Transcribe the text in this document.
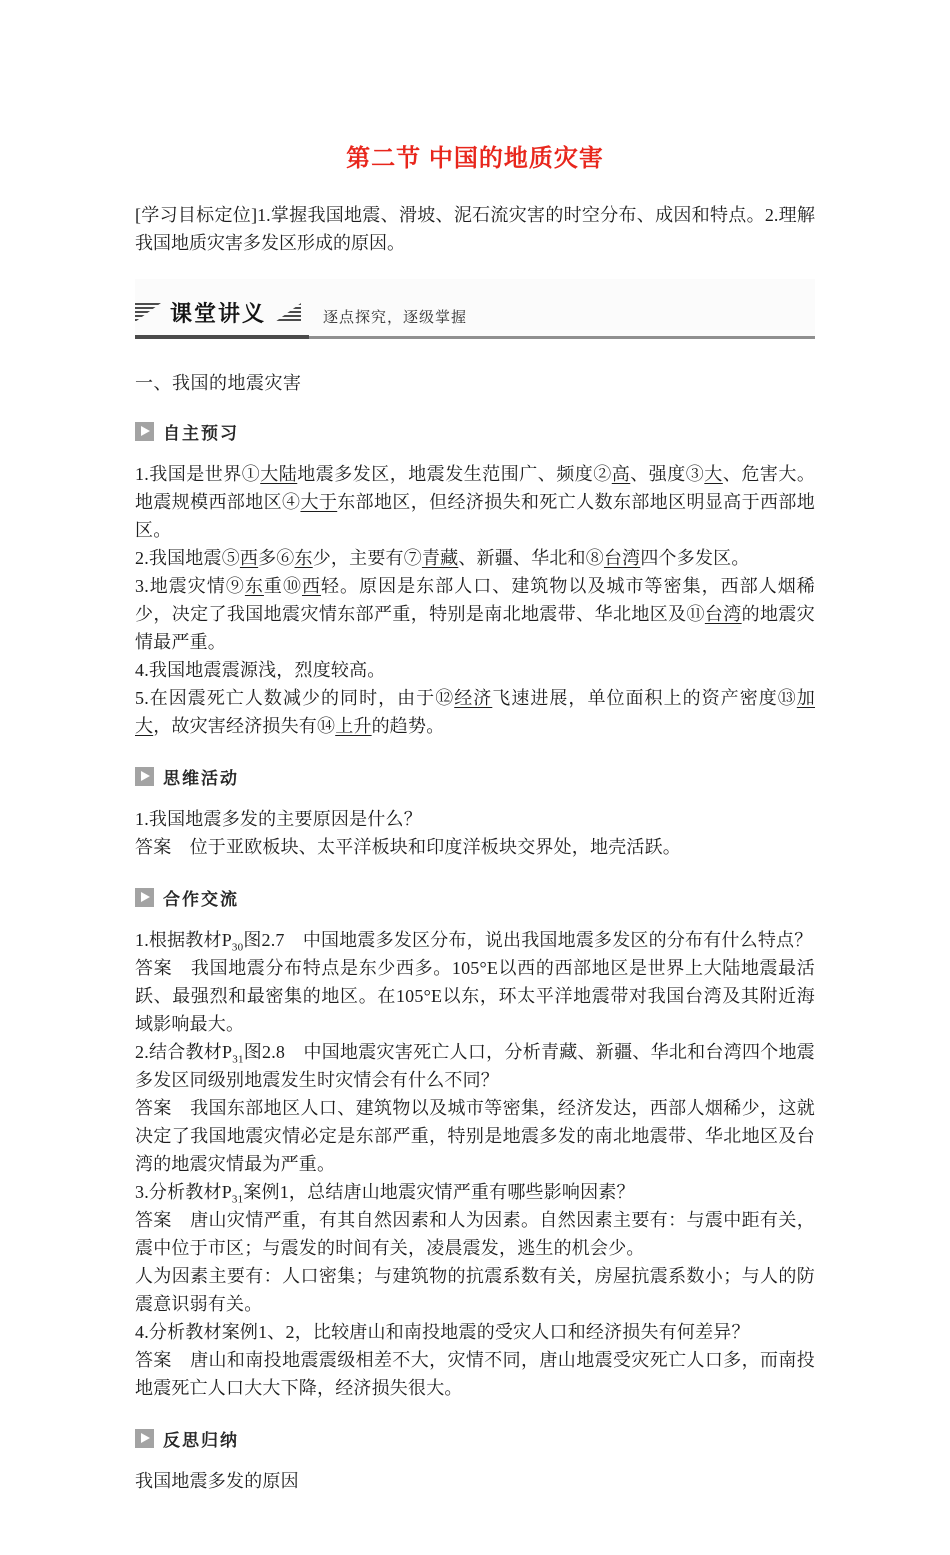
第二节 中国的地质灾害

[学习目标定位]1.掌握我国地震、滑坡、泥石流灾害的时空分布、成因和特点。2.理解我国地质灾害多发区形成的原因。

课堂讲义	逐点探究，逐级掌握
一、我国的地震灾害
自主预习

1.我国是世界①大陆地震多发区，地震发生范围广、频度②高、强度③大、危害大。地震规模西部地区④大于东部地区，但经济损失和死亡人数东部地区明显高于西部地区。

2.我国地震⑤西多⑥东少，主要有⑦青藏、新疆、华北和⑧台湾四个多发区。

3.地震灾情⑨东重⑩西轻。原因是东部人口、建筑物以及城市等密集，西部人烟稀少，决定了我国地震灾情东部严重，特别是南北地震带、华北地区及⑪台湾的地震灾情最严重。

4.我国地震震源浅，烈度较高。

5.在因震死亡人数减少的同时，由于⑫经济飞速进展，单位面积上的资产密度⑬加大，故灾害经济损失有⑭上升的趋势。

思维活动

1.我国地震多发的主要原因是什么？

答案　位于亚欧板块、太平洋板块和印度洋板块交界处，地壳活跃。

合作交流

1.根据教材$P_{30}$图2.7　中国地震多发区分布，说出我国地震多发区的分布有什么特点？

答案　我国地震分布特点是东少西多。105°E以西的西部地区是世界上大陆地震最活跃、最强烈和最密集的地区。在105°E以东，环太平洋地震带对我国台湾及其附近海域影响最大。

2.结合教材$P_{31}$图2.8　中国地震灾害死亡人口，分析青藏、新疆、华北和台湾四个地震多发区同级别地震发生时灾情会有什么不同？

答案　我国东部地区人口、建筑物以及城市等密集，经济发达，西部人烟稀少，这就决定了我国地震灾情必定是东部严重，特别是地震多发的南北地震带、华北地区及台湾的地震灾情最为严重。

3.分析教材$P_{31}$案例1，总结唐山地震灾情严重有哪些影响因素？

答案　唐山灾情严重，有其自然因素和人为因素。自然因素主要有：与震中距有关，震中位于市区；与震发的时间有关，凌晨震发，逃生的机会少。

人为因素主要有：人口密集；与建筑物的抗震系数有关，房屋抗震系数小；与人的防震意识弱有关。

4.分析教材案例1、2，比较唐山和南投地震的受灾人口和经济损失有何差异？

答案　唐山和南投地震震级相差不大，灾情不同，唐山地震受灾死亡人口多，而南投地震死亡人口大大下降，经济损失很大。

反思归纳

我国地震多发的原因
